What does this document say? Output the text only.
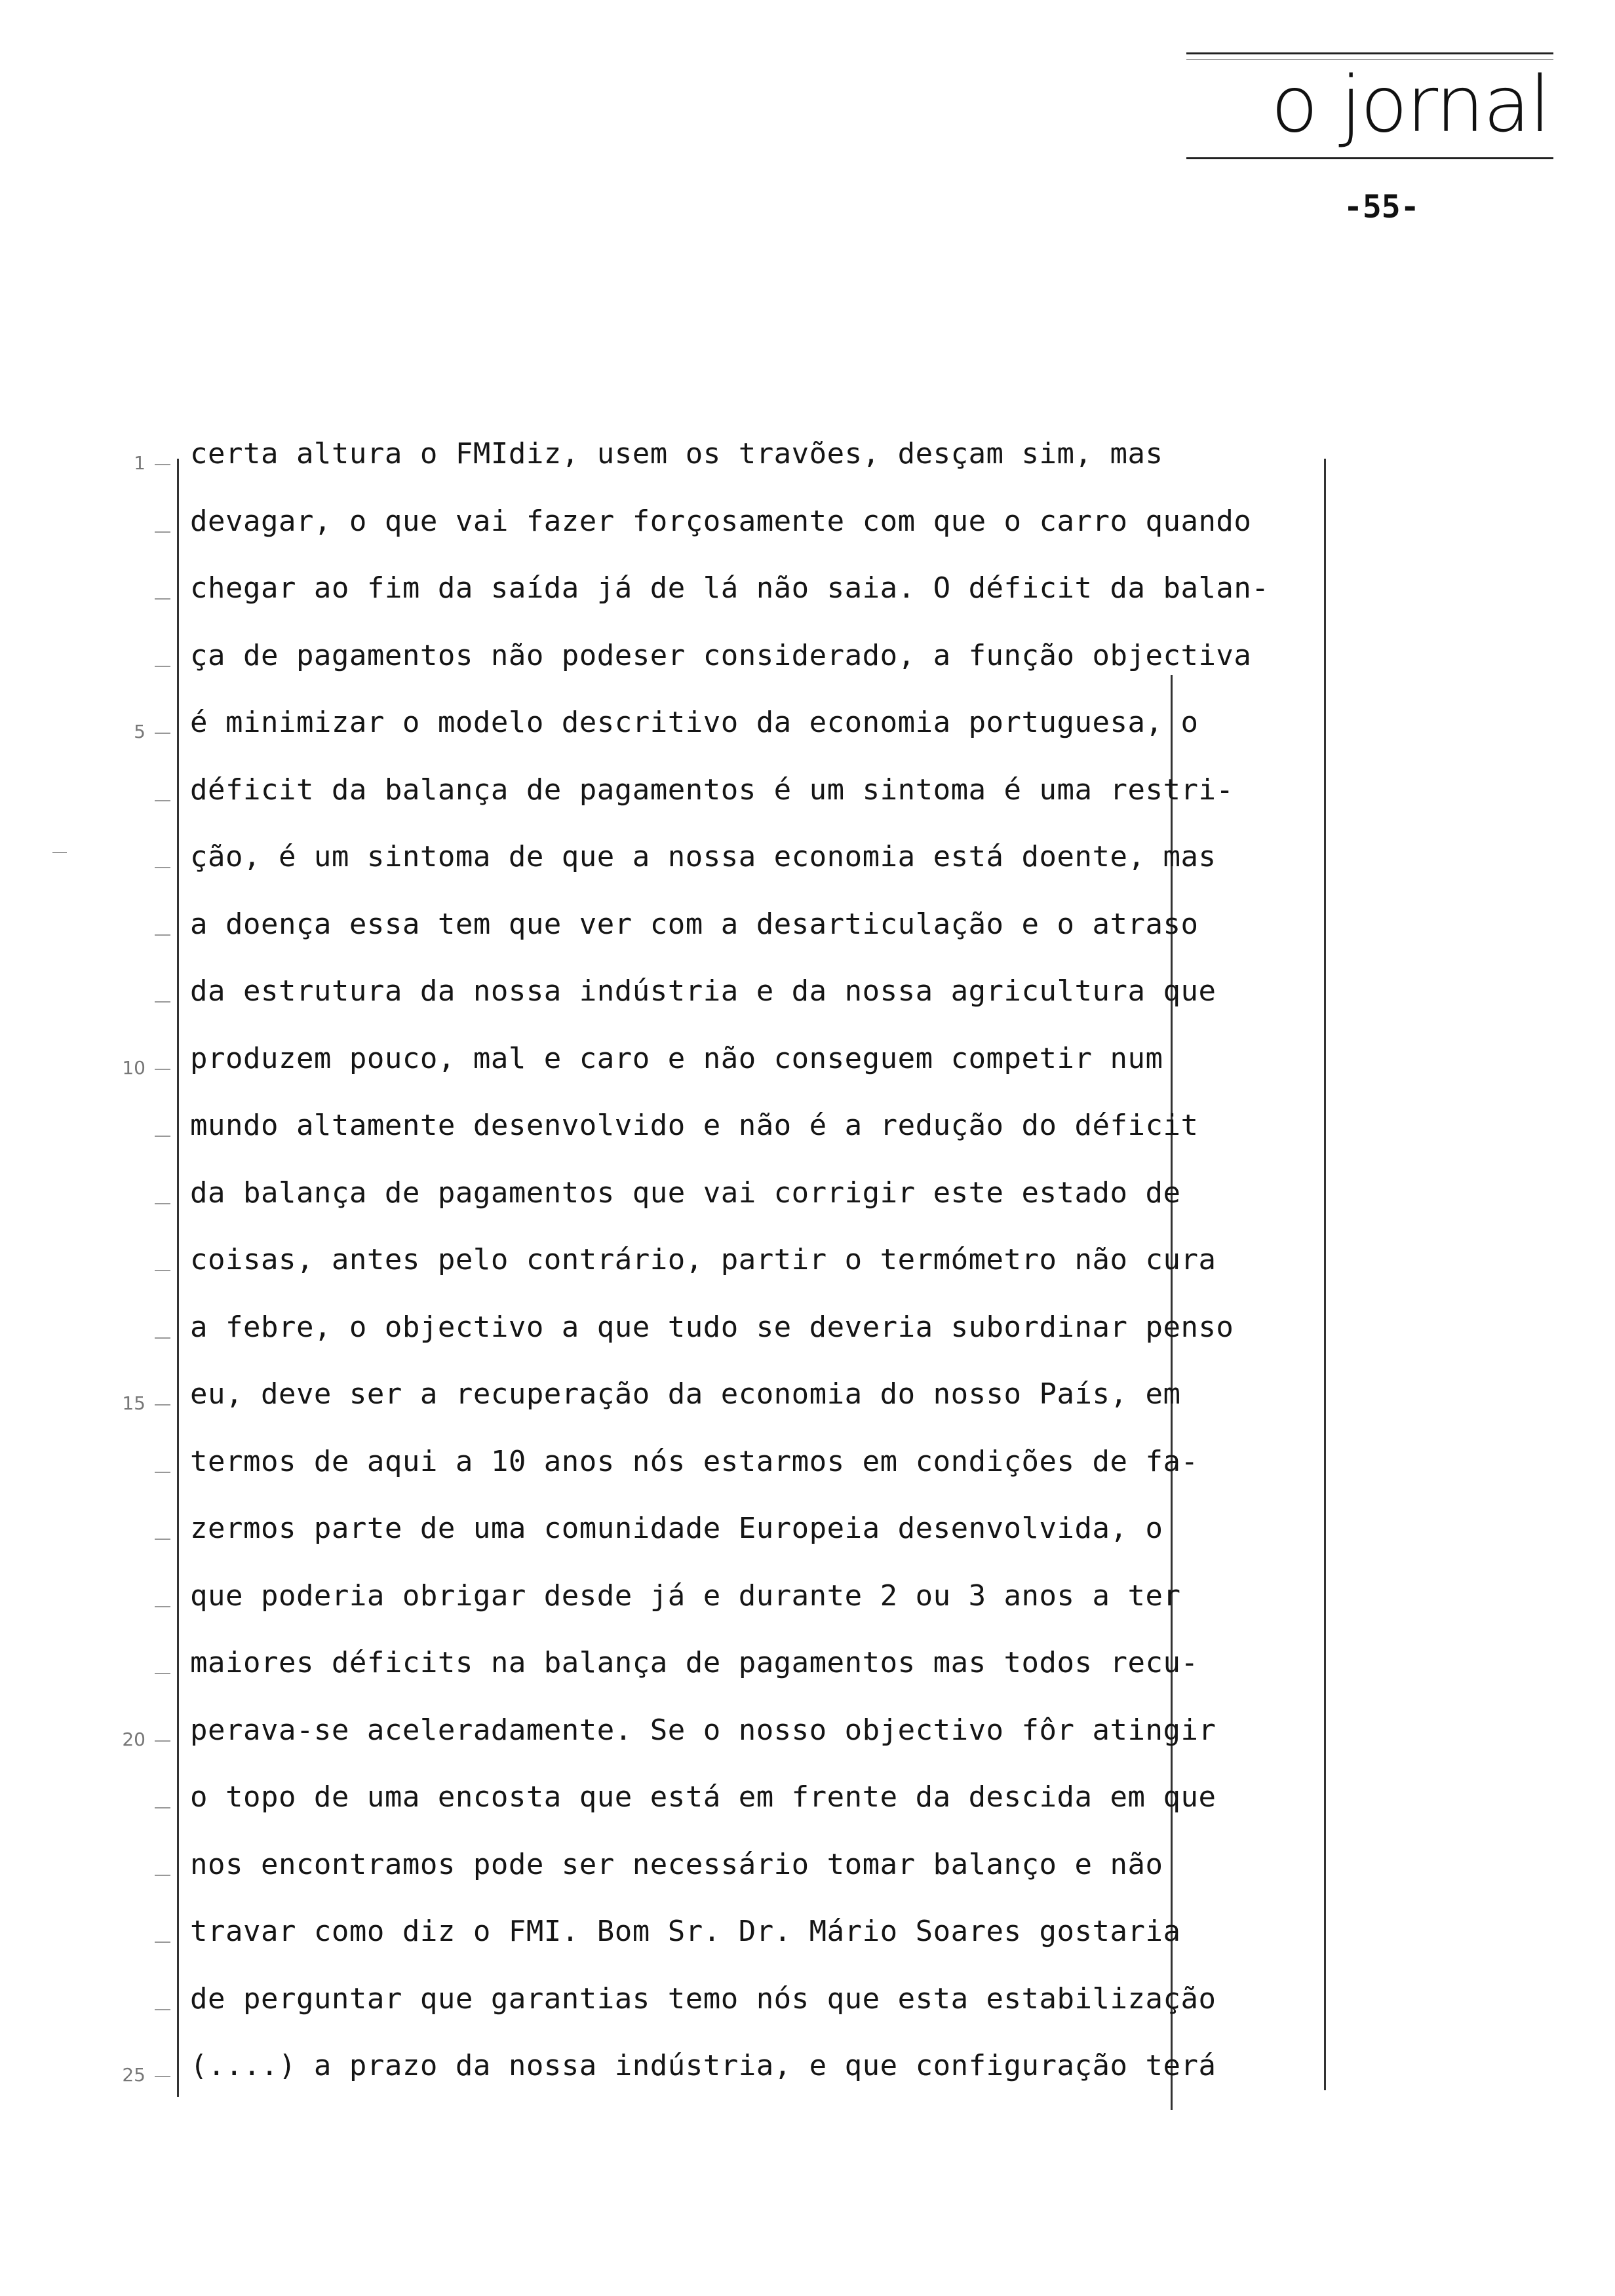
o jornal
-55-
1
5
10
15
20
25
certa altura o FMIdiz, usem os travões, desçam sim, mas
devagar, o que vai fazer forçosamente com que o carro quando
chegar ao fim da saída já de lá não saia. O déficit da balan-
ça de pagamentos não podeser considerado, a função objectiva
é minimizar o modelo descritivo da economia portuguesa, o
déficit da balança de pagamentos é um sintoma é uma restri-
ção, é um sintoma de que a nossa economia está doente, mas
a doença essa tem que ver com a desarticulação e o atraso
da estrutura da nossa indústria e da nossa agricultura que
produzem pouco, mal e caro e não conseguem competir num
mundo altamente desenvolvido e não é a redução do déficit
da balança de pagamentos que vai corrigir este estado de
coisas, antes pelo contrário, partir o termómetro não cura
a febre, o objectivo a que tudo se deveria subordinar penso
eu, deve ser a recuperação da economia do nosso País, em
termos de aqui a 10 anos nós estarmos em condições de fa-
zermos parte de uma comunidade Europeia desenvolvida, o
que poderia obrigar desde já e durante 2 ou 3 anos a ter
maiores déficits na balança de pagamentos mas todos recu-
perava-se aceleradamente. Se o nosso objectivo fôr atingir
o topo de uma encosta que está em frente da descida em que
nos encontramos pode ser necessário tomar balanço e não
travar como diz o FMI. Bom Sr. Dr. Mário Soares gostaria
de perguntar que garantias temo nós que esta estabilização
(....) a prazo da nossa indústria, e que configuração terá
